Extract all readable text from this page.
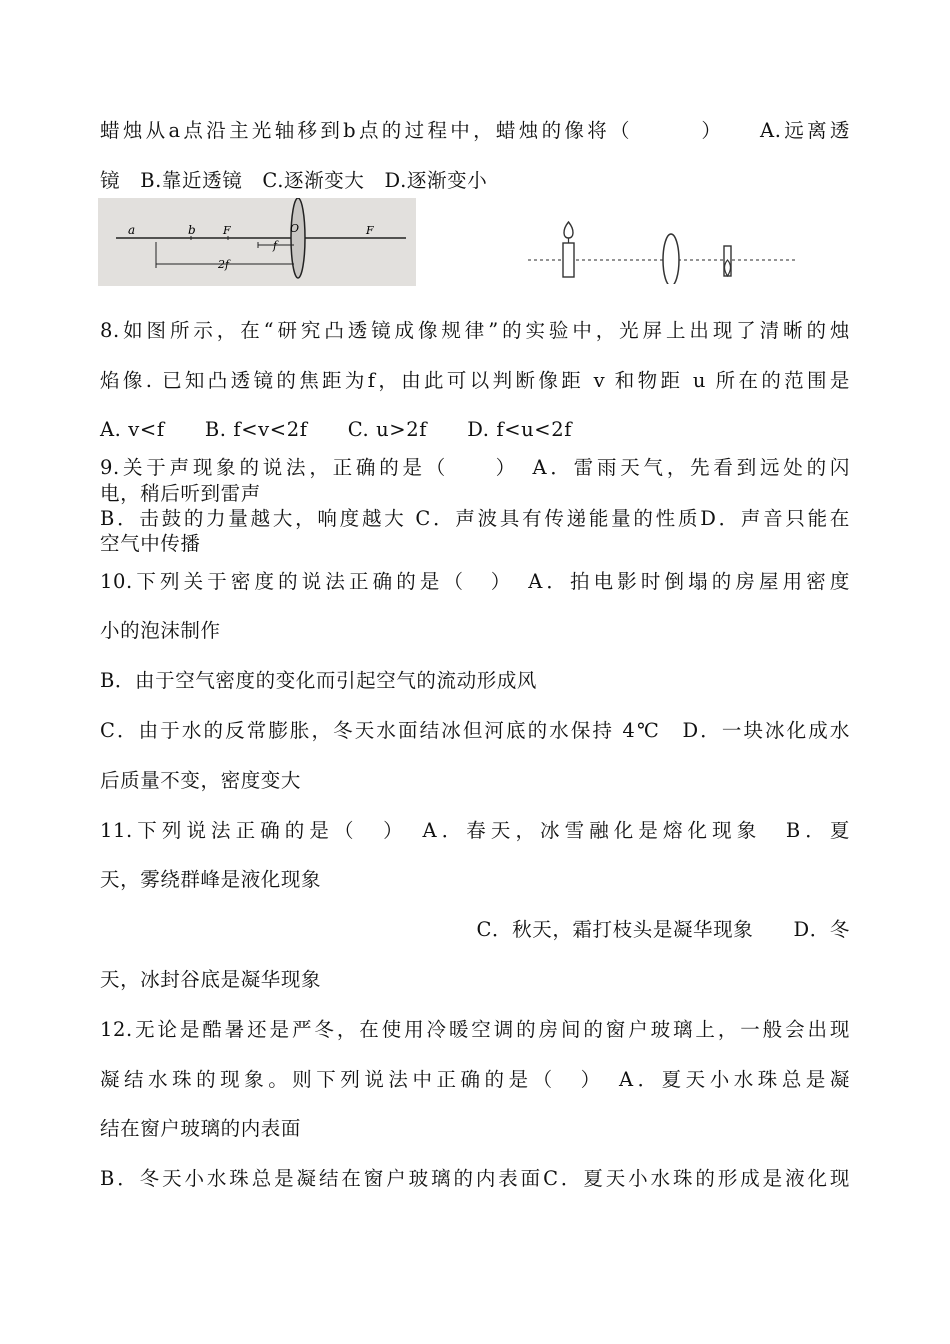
蜡烛从a点沿主光轴移到b点的过程中，蜡烛的像将（　　　）　　A.远离透
镜　B.靠近透镜　C.逐渐变大　D.逐渐变小
a	b F	O	F
f
2f
8.如图所示，在“研究凸透镜成像规律”的实验中，光屏上出现了清晰的烛
焰像. 已知凸透镜的焦距为f，由此可以判断像距 v 和物距 u 所在的范围是
A. v<f　　B. f<v<2f　　C. u>2f　　D. f<u<2f
9.关于声现象的说法，正确的是（　　）　A．雷雨天气，先看到远处的闪
电，稍后听到雷声
B．击鼓的力量越大，响度越大 C．声波具有传递能量的性质D．声音只能在
空气中传播
10.下列关于密度的说法正确的是（　）　A．拍电影时倒塌的房屋用密度
小的泡沫制作
B．由于空气密度的变化而引起空气的流动形成风
C．由于水的反常膨胀，冬天水面结冰但河底的水保持 4℃　D．一块冰化成水
后质量不变，密度变大
11.下列说法正确的是（　）　A．春天，冰雪融化是熔化现象　B．夏
天，雾绕群峰是液化现象
C．秋天，霜打枝头是凝华现象　　D．冬
天，冰封谷底是凝华现象
12.无论是酷暑还是严冬，在使用冷暖空调的房间的窗户玻璃上，一般会出现
凝结水珠的现象。则下列说法中正确的是（　）　A．夏天小水珠总是凝
结在窗户玻璃的内表面
B．冬天小水珠总是凝结在窗户玻璃的内表面C．夏天小水珠的形成是液化现
